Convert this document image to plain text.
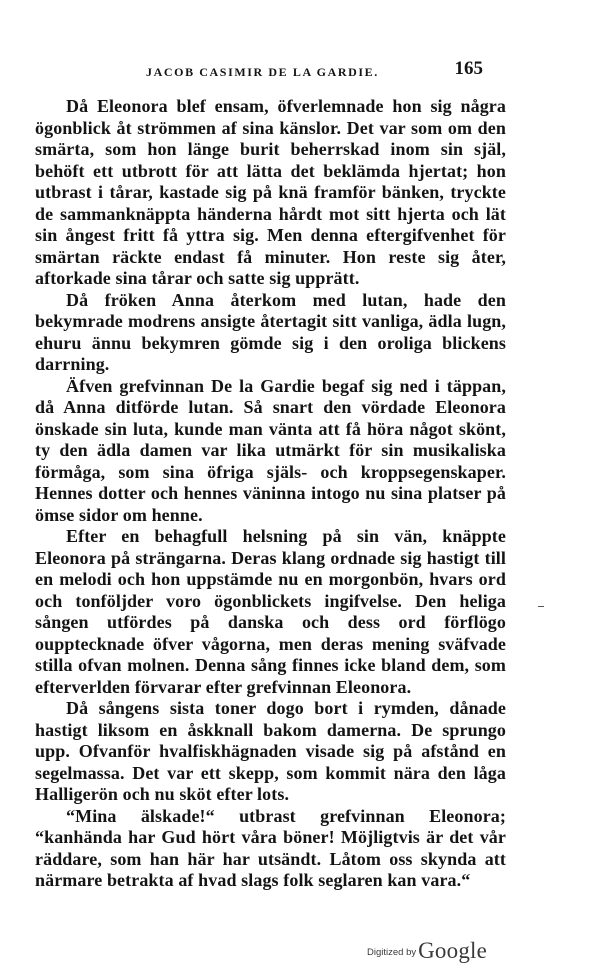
JACOB CASIMIR DE LA GARDIE.	165

Då Eleonora blef ensam, öfverlemnade hon sig några ögonblick åt strömmen af sina känslor. Det var som om den smärta, som hon länge burit beherrskad inom sin själ, behöft ett utbrott för att lätta det beklämda hjertat; hon utbrast i tårar, kastade sig på knä framför bänken, tryckte de sammanknäppta händerna hårdt mot sitt hjerta och lät sin ångest fritt få yttra sig. Men denna eftergifvenhet för smärtan räckte endast få minuter. Hon reste sig åter, aftorkade sina tårar och satte sig upprätt.

Då fröken Anna återkom med lutan, hade den bekymrade modrens ansigte återtagit sitt vanliga, ädla lugn, ehuru ännu bekymren gömde sig i den oroliga blickens darrning.

Äfven grefvinnan De la Gardie begaf sig ned i täppan, då Anna ditförde lutan. Så snart den vördade Eleonora önskade sin luta, kunde man vänta att få höra något skönt, ty den ädla damen var lika utmärkt för sin musikaliska förmåga, som sina öfriga själs- och kroppsegenskaper. Hennes dotter och hennes väninna intogo nu sina platser på ömse sidor om henne.

Efter en behagfull helsning på sin vän, knäppte Eleonora på strängarna. Deras klang ordnade sig hastigt till en melodi och hon uppstämde nu en morgonbön, hvars ord och tonföljder voro ögonblickets ingifvelse. Den heliga sången utfördes på danska och dess ord förflögo oupptecknade öfver vågorna, men deras mening sväfvade stilla ofvan molnen. Denna sång finnes icke bland dem, som efterverlden förvarar efter grefvinnan Eleonora.

Då sångens sista toner dogo bort i rymden, dånade hastigt liksom en åskknall bakom damerna. De sprungo upp. Ofvanför hvalfiskhägnaden visade sig på afstånd en segelmassa. Det var ett skepp, som kommit nära den låga Halligerön och nu sköt efter lots.

“Mina älskade!“ utbrast grefvinnan Eleonora; “kanhända har Gud hört våra böner! Möjligtvis är det vår räddare, som han här har utsändt. Låtom oss skynda att närmare betrakta af hvad slags folk seglaren kan vara.“

Digitized by Google
